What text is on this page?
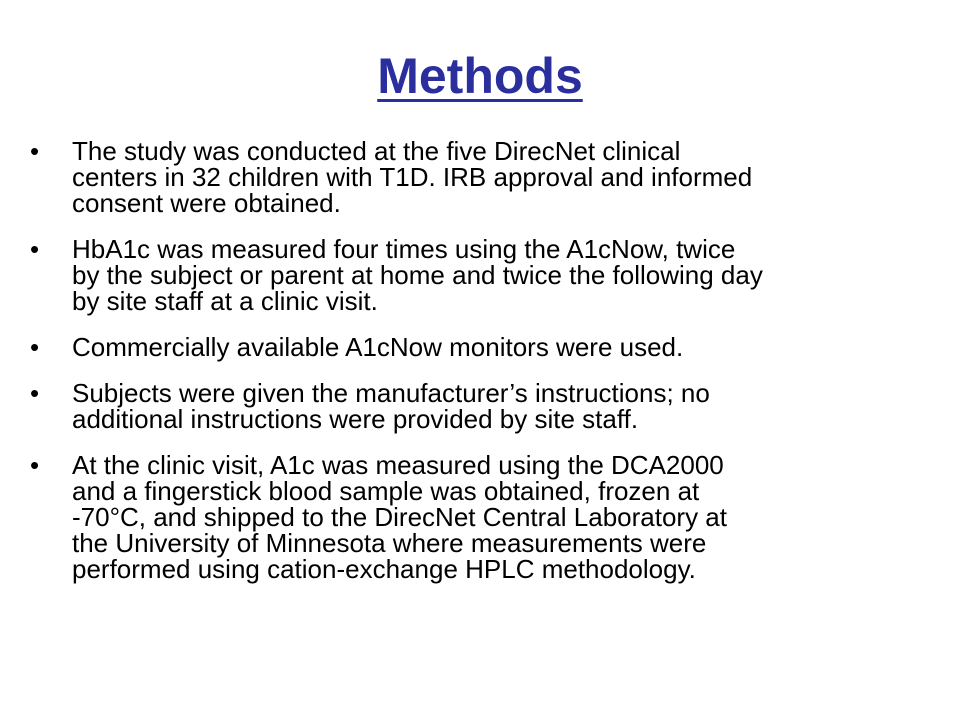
Methods
•	The study was conducted at the five DirecNet clinical
centers in 32 children with T1D. IRB approval and informed
consent were obtained.
•	HbA1c was measured four times using the A1cNow, twice
by the subject or parent at home and twice the following day
by site staff at a clinic visit.
•	Commercially available A1cNow monitors were used.
•	Subjects were given the manufacturer’s instructions; no
additional instructions were provided by site staff.
•	At the clinic visit, A1c was measured using the DCA2000
and a fingerstick blood sample was obtained, frozen at
-70°C, and shipped to the DirecNet Central Laboratory at
the University of Minnesota where measurements were
performed using cation-exchange HPLC methodology.
